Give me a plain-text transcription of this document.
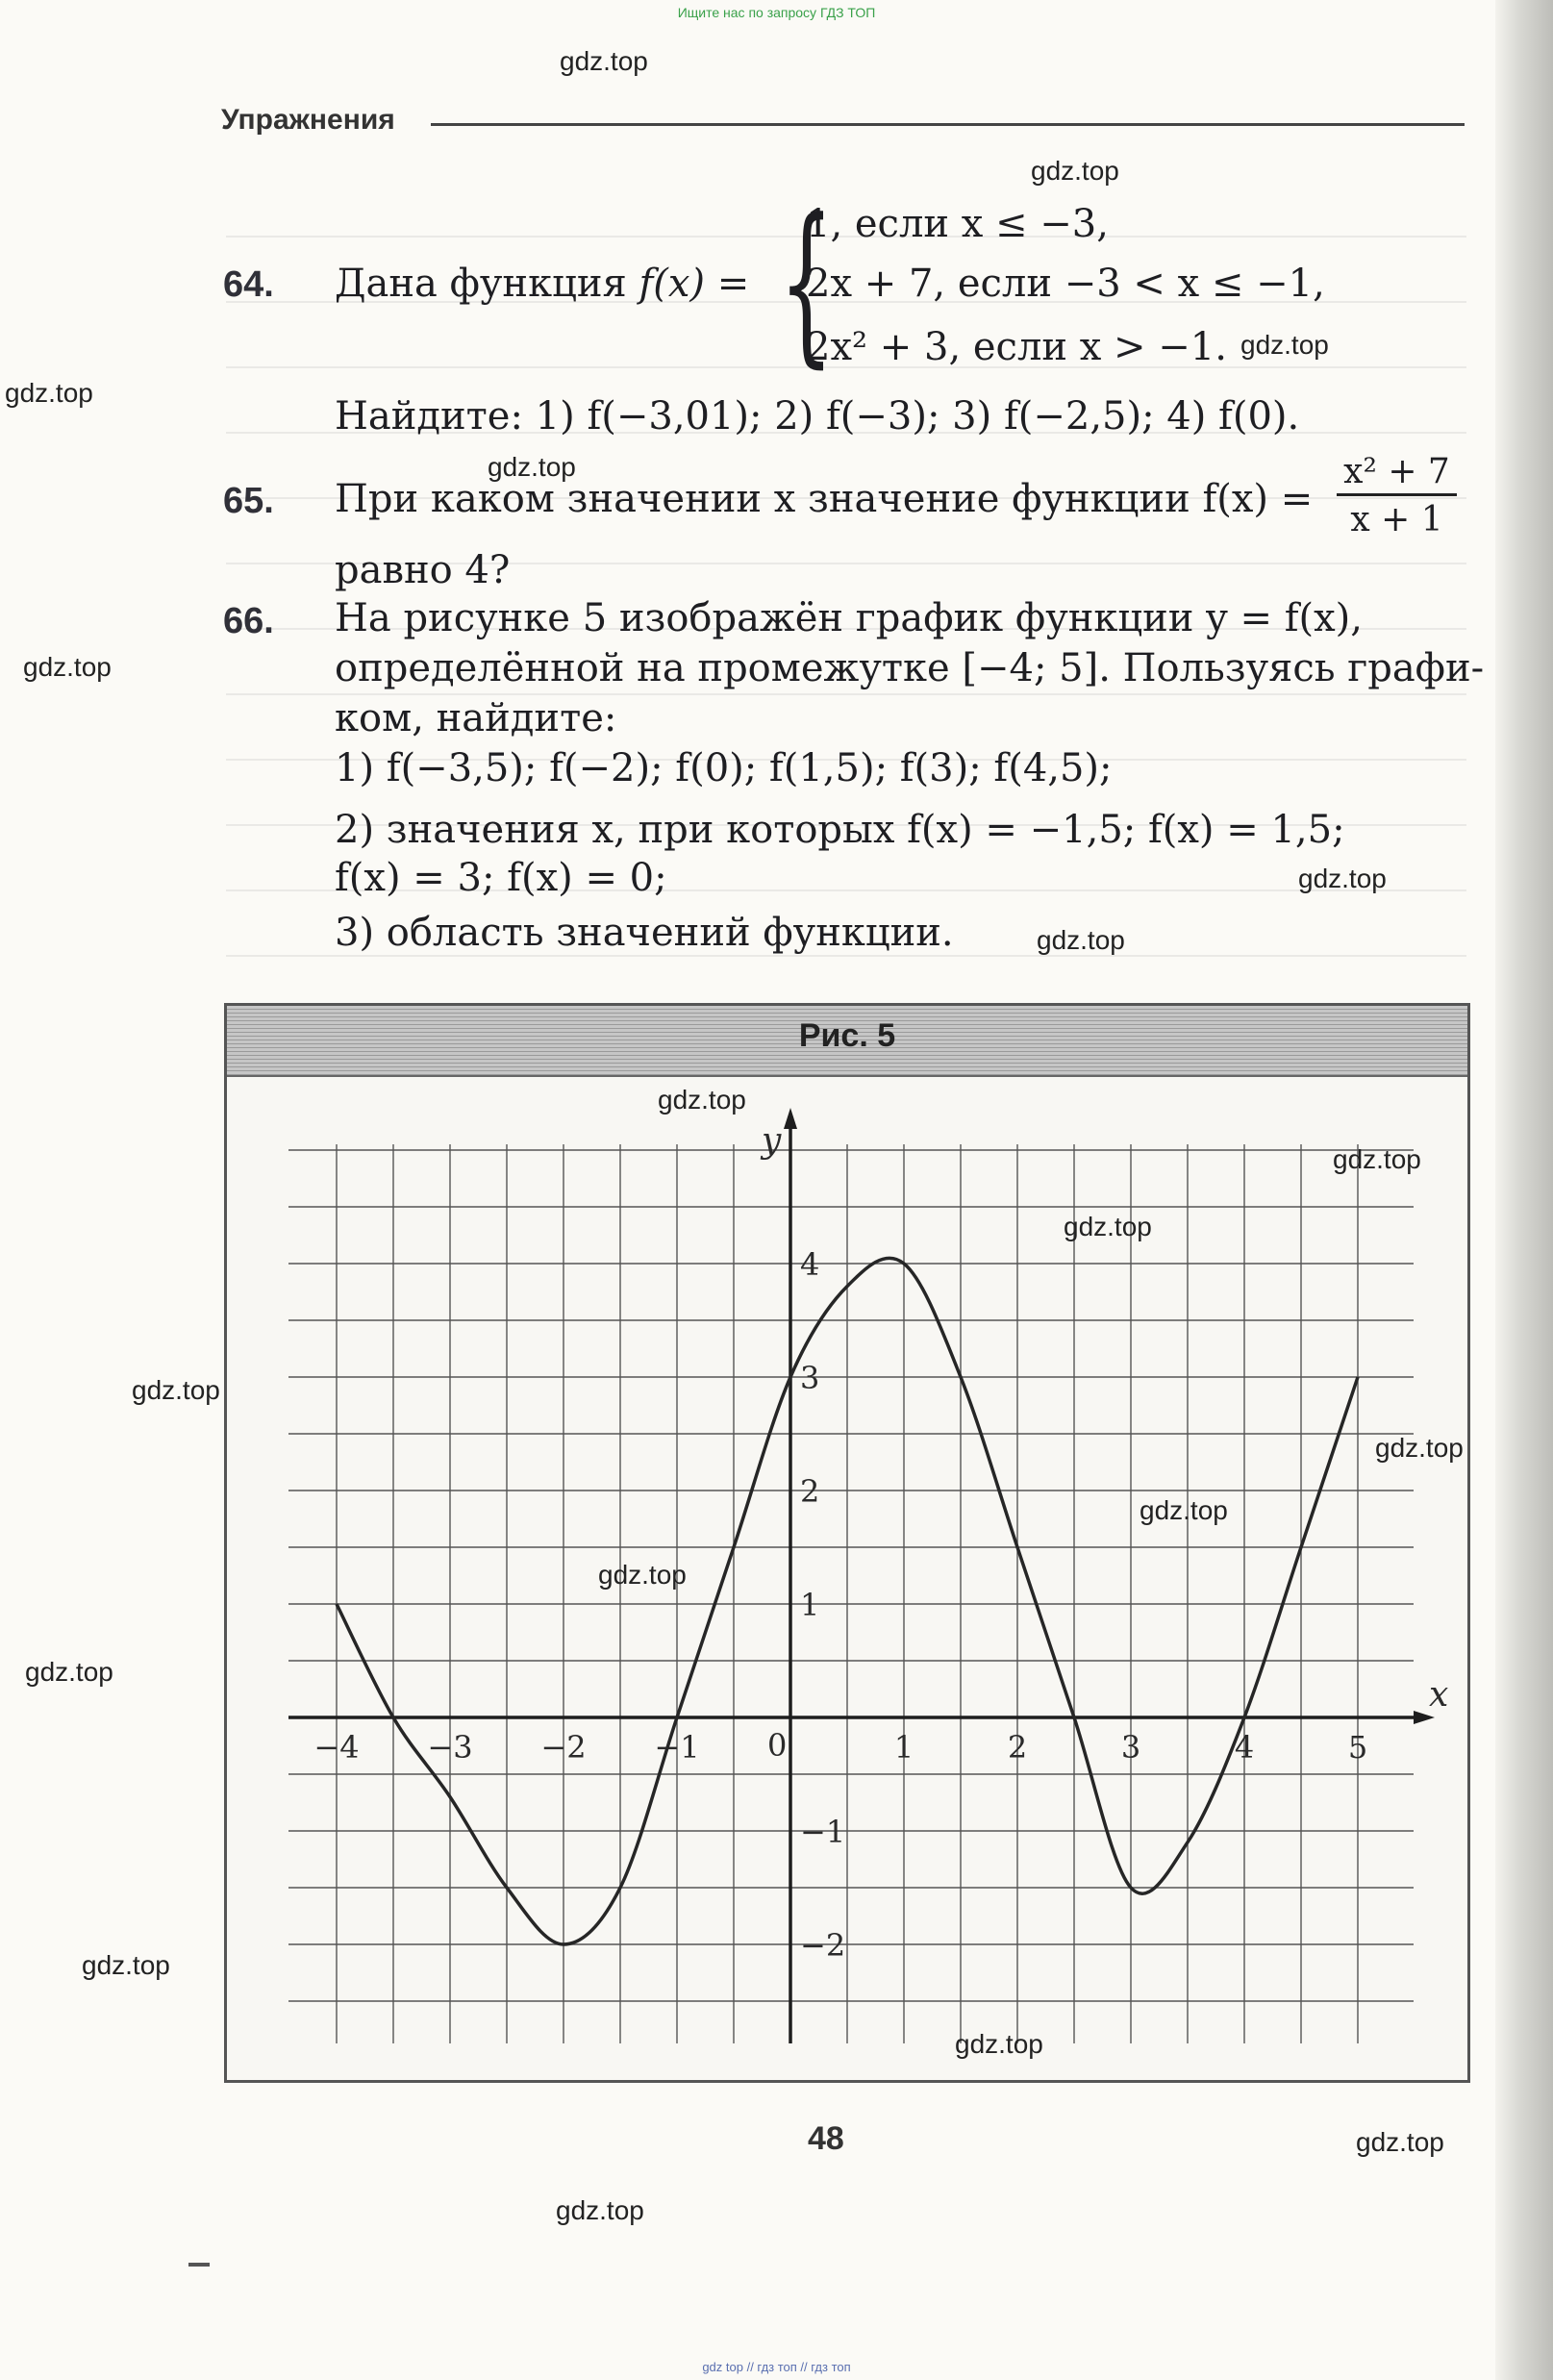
Ищите нас по запросу ГДЗ ТОП
Упражнения
64. Дана функция f(x) = {
1, если x ≤ −3,
2x + 7, если −3 < x ≤ −1,
2x² + 3, если x > −1.
Найдите: 1) f(−3,01); 2) f(−3); 3) f(−2,5); 4) f(0).
65. При каком значении x значение функции $f(x) = \frac{\text{x² + 7}}{x + 1}$
равно 4?
66. На рисунке 5 изображён график функции y = f(x),
определённой на промежутке [−4; 5]. Пользуясь графи-
ком, найдите:
1) f(−3,5); f(−2); f(0); f(1,5); f(3); f(4,5);
2) значения x, при которых f(x) = −1,5; f(x) = 1,5;
f(x) = 3; f(x) = 0;
3) область значений функции.
Рис. 5
x
y
0
−4 −3 −2 −1	1	2	3	4	5
−2
−1
1
2
3
4
48
gdz.top
gdz.top
gdz.top
gdz.top
gdz.top
gdz.top
gdz.top
gdz.top
gdz.top
gdz.top
gdz.top
gdz.top
gdz.top
gdz.top
gdz.top
gdz.top
gdz.top
gdz.top
gdz.top
gdz.top
gdz top // гдз топ // гдз топ
